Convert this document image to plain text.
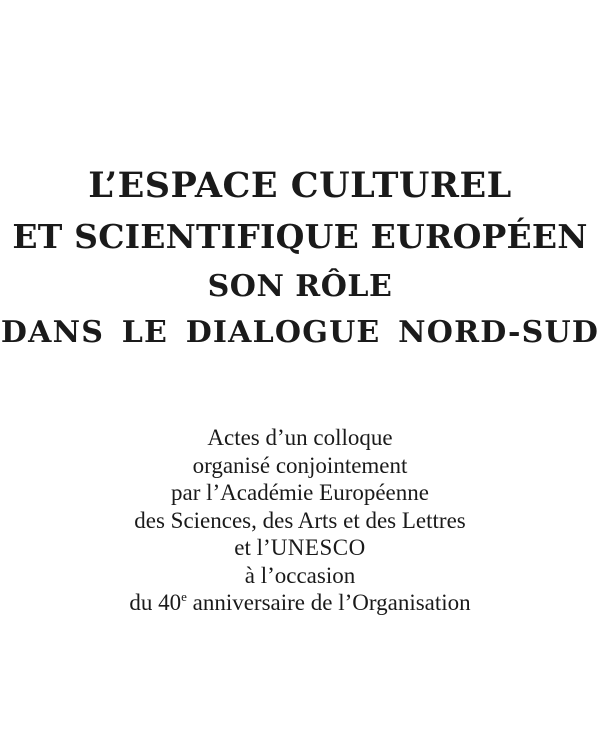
L’ESPACE CULTUREL
ET SCIENTIFIQUE EUROPÉEN
SON RÔLE
DANS LE DIALOGUE NORD-SUD
Actes d’un colloque
organisé conjointement
par l’Académie Européenne
des Sciences, des Arts et des Lettres
et l’UNESCO
à l’occasion
du 40e anniversaire de l’Organisation
